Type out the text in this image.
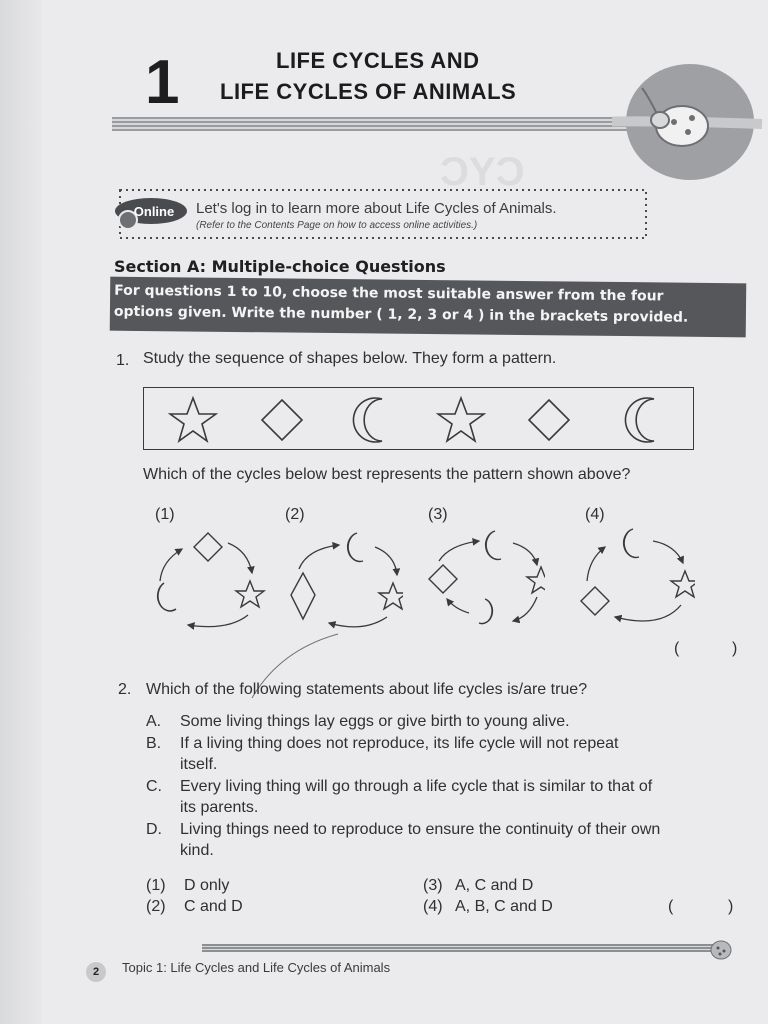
CYC
1	LIFE CYCLES AND
LIFE CYCLES OF ANIMALS
Online Let's log in to learn more about Life Cycles of Animals.
(Refer to the Contents Page on how to access online activities.)
Section A: Multiple-choice Questions
For questions 1 to 10, choose the most suitable answer from the four
options given. Write the number ( 1, 2, 3 or 4 ) in the brackets provided.
1. Study the sequence of shapes below. They form a pattern.
Which of the cycles below best represents the pattern shown above?
(1)	(2)	(3)	(4)
(	)
2. Which of the following statements about life cycles is/are true?
A. Some living things lay eggs or give birth to young alive.
B. If a living thing does not reproduce, its life cycle will not repeat
itself.
C. Every living thing will go through a life cycle that is similar to that of
its parents.
D. Living things need to reproduce to ensure the continuity of their own
kind.
(1) D only
(2) C and D
(3) A, C and D
(4) A, B, C and D	(	)
2	Topic 1: Life Cycles and Life Cycles of Animals
